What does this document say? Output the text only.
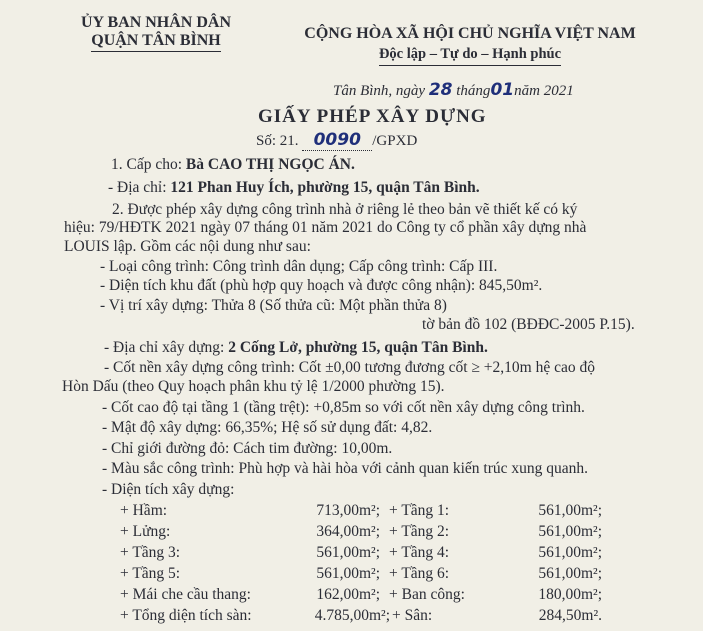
ỦY BAN NHÂN DÂN
QUẬN TÂN BÌNH	CỘNG HÒA XÃ HỘI CHỦ NGHĨA VIỆT NAM
Độc lập – Tự do – Hạnh phúc
Tân Bình, ngày 28 tháng01năm 2021
GIẤY PHÉP XÂY DỰNG
Số: 21. 0090 /GPXD
1. Cấp cho: Bà CAO THỊ NGỌC ÁN.
- Địa chỉ: 121 Phan Huy Ích, phường 15, quận Tân Bình.
2. Được phép xây dựng công trình nhà ở riêng lẻ theo bản vẽ thiết kế có ký
hiệu: 79/HĐTK 2021 ngày 07 tháng 01 năm 2021 do Công ty cổ phần xây dựng nhà
LOUIS lập. Gồm các nội dung như sau:
- Loại công trình: Công trình dân dụng; Cấp công trình: Cấp III.
- Diện tích khu đất (phù hợp quy hoạch và được công nhận): 845,50m².
- Vị trí xây dựng: Thửa 8 (Số thửa cũ: Một phần thửa 8)
tờ bản đồ 102 (BĐĐC-2005 P.15).
- Địa chỉ xây dựng: 2 Cống Lở, phường 15, quận Tân Bình.
- Cốt nền xây dựng công trình: Cốt ±0,00 tương đương cốt ≥ +2,10m hệ cao độ
Hòn Dấu (theo Quy hoạch phân khu tỷ lệ 1/2000 phường 15).
- Cốt cao độ tại tầng 1 (tầng trệt): +0,85m so với cốt nền xây dựng công trình.
- Mật độ xây dựng: 66,35%; Hệ số sử dụng đất: 4,82.
- Chỉ giới đường đỏ: Cách tim đường: 10,00m.
- Màu sắc công trình: Phù hợp và hài hòa với cảnh quan kiến trúc xung quanh.
- Diện tích xây dựng:
+ Hầm:	713,00m²; + Tầng 1:	561,00m²;
+ Lửng:	364,00m²; + Tầng 2:	561,00m²;
+ Tầng 3:	561,00m²; + Tầng 4:	561,00m²;
+ Tầng 5:	561,00m²; + Tầng 6:	561,00m²;
+ Mái che cầu thang:	162,00m²; + Ban công:	180,00m²;
+ Tổng diện tích sàn:	4.785,00m²; + Sân:	284,50m².
